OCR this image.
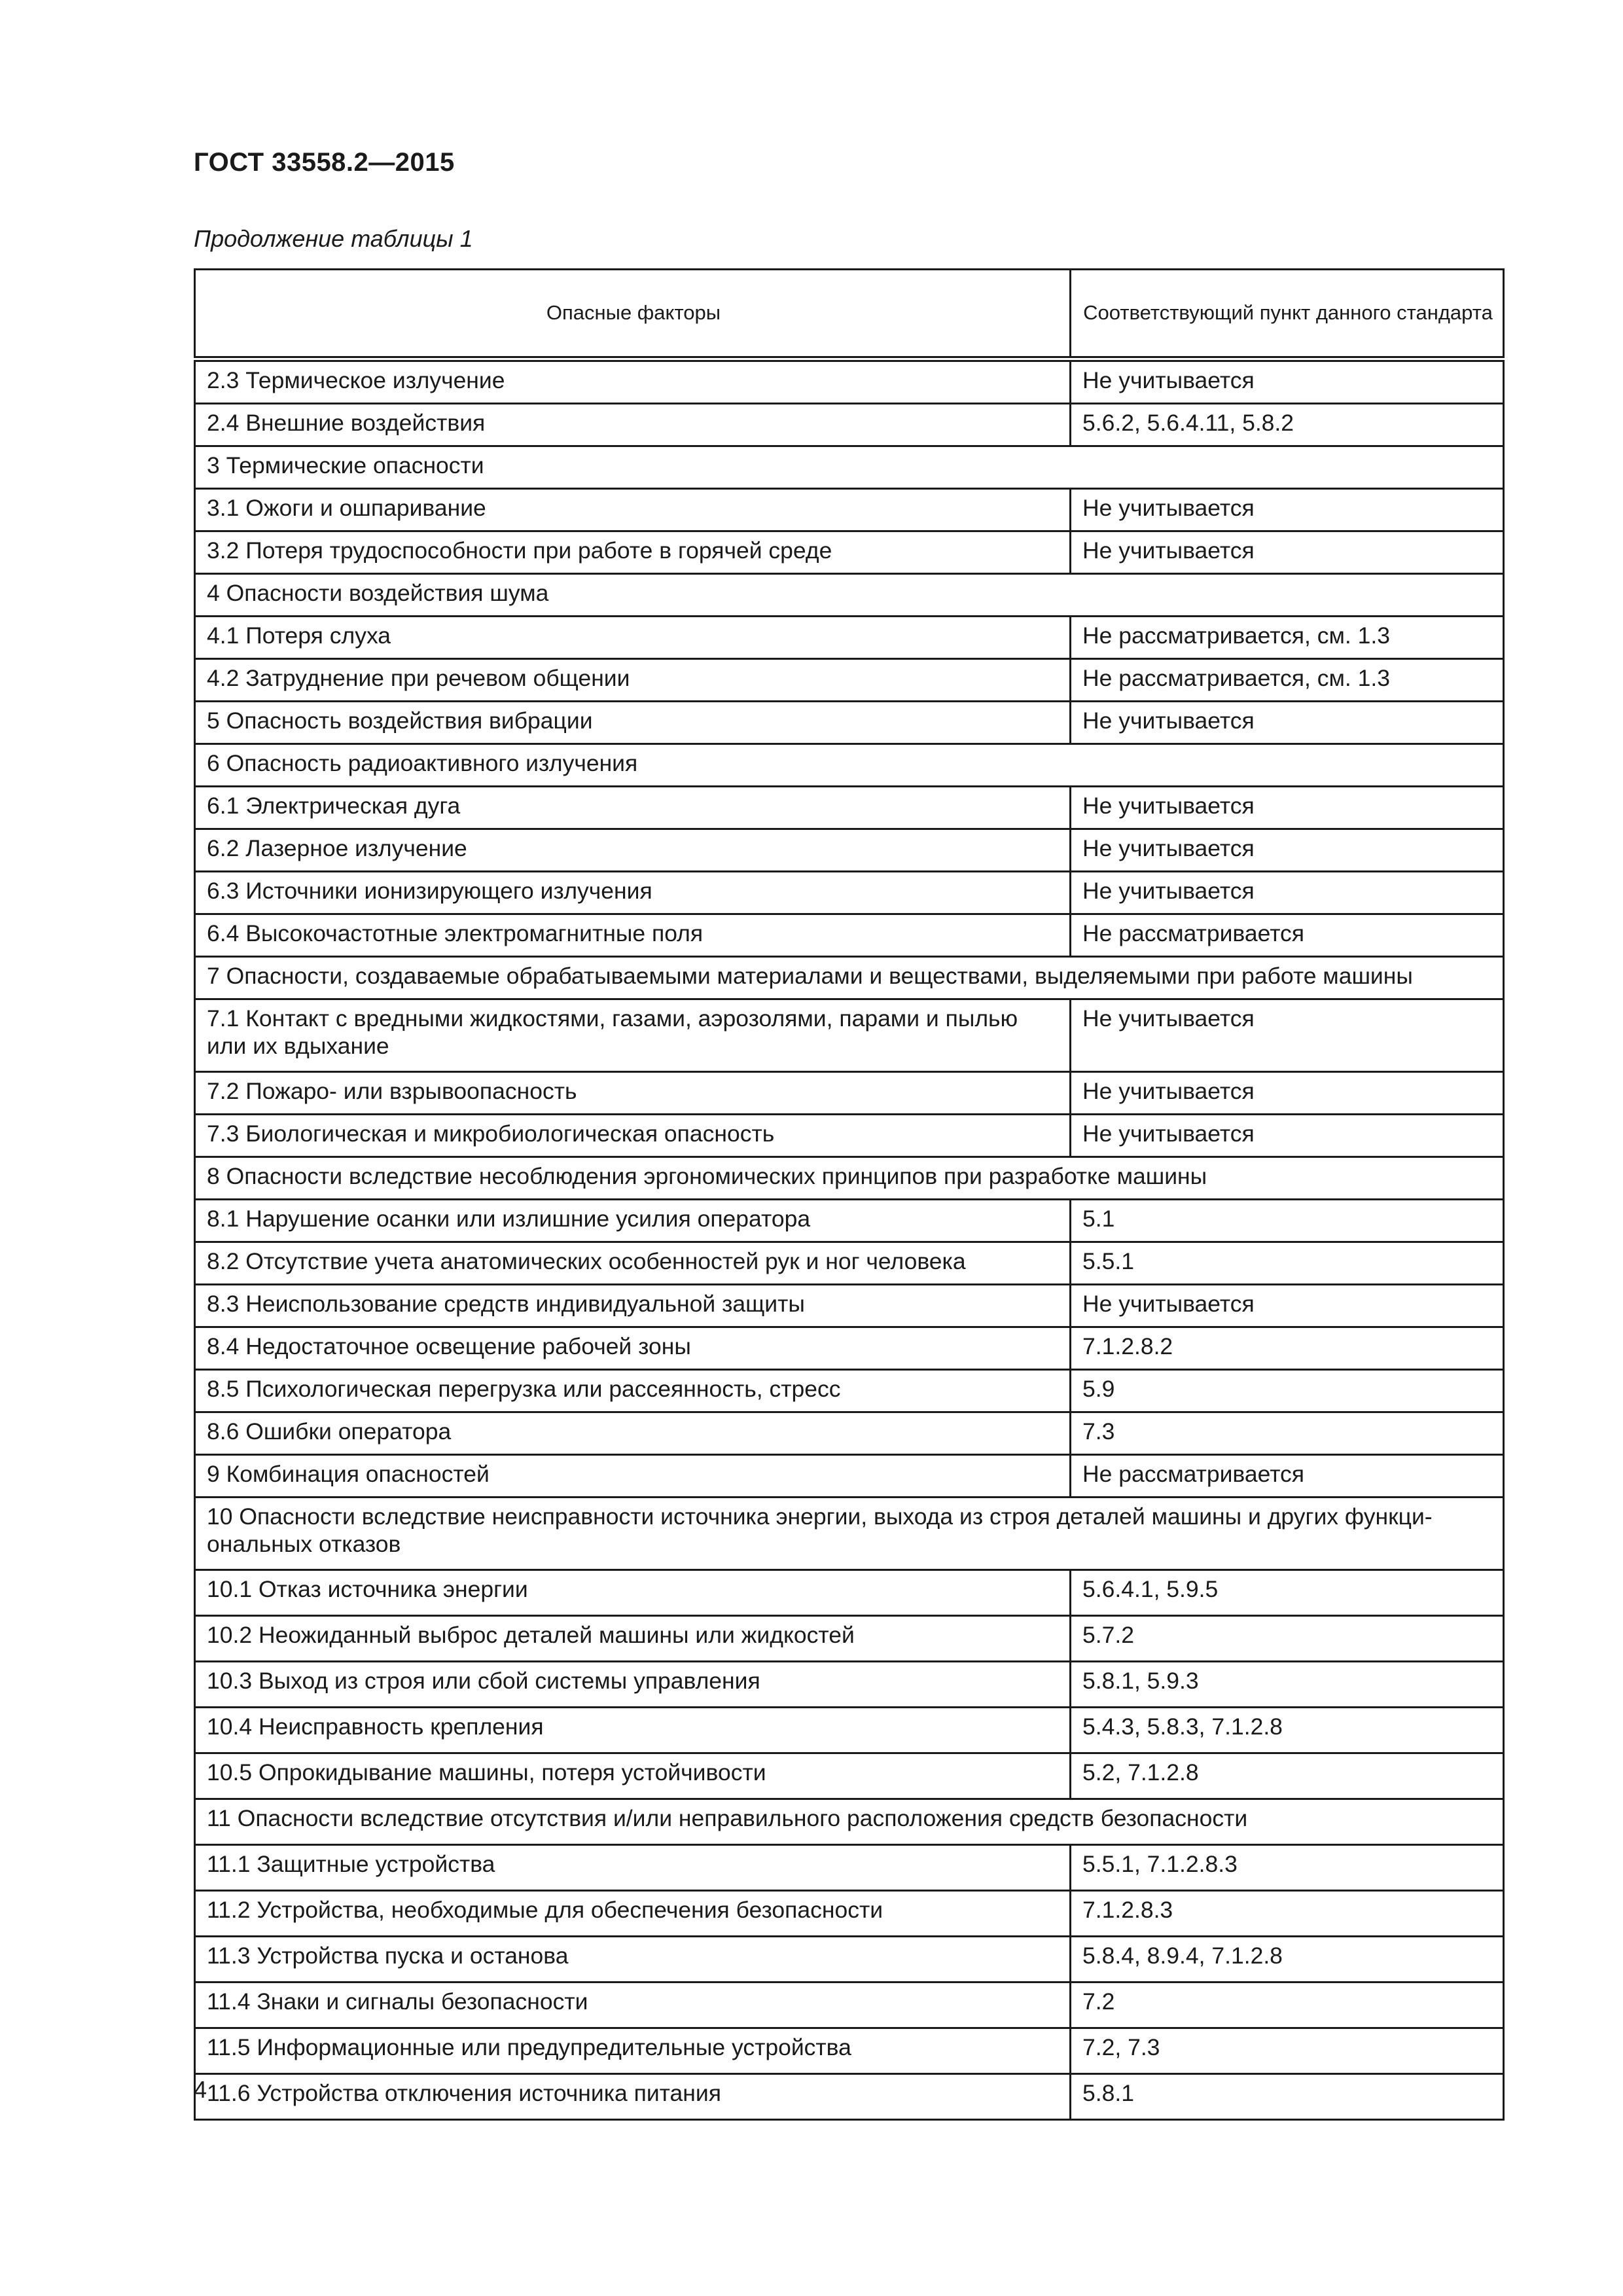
ГОСТ 33558.2—2015
Продолжение таблицы 1
Опасные факторы	Соответствующий пункт данного стандарта
2.3 Термическое излучение	Не учитывается
2.4 Внешние воздействия	5.6.2, 5.6.4.11, 5.8.2
3 Термические опасности	
3.1 Ожоги и ошпаривание	Не учитывается
3.2 Потеря трудоспособности при работе в горячей среде	Не учитывается
4 Опасности воздействия шума	
4.1 Потеря слуха	Не рассматривается, см. 1.3
4.2 Затруднение при речевом общении	Не рассматривается, см. 1.3
5 Опасность воздействия вибрации	Не учитывается
6 Опасность радиоактивного излучения	
6.1 Электрическая дуга	Не учитывается
6.2 Лазерное излучение	Не учитывается
6.3 Источники ионизирующего излучения	Не учитывается
6.4 Высокочастотные электромагнитные поля	Не рассматривается
7 Опасности, создаваемые обрабатываемыми материалами и веществами, выделяемыми при работе машины	
7.1 Контакт с вредными жидкостями, газами, аэрозолями, парами и пылью или их вдыхание	Не учитывается
7.2 Пожаро- или взрывоопасность	Не учитывается
7.3 Биологическая и микробиологическая опасность	Не учитывается
8 Опасности вследствие несоблюдения эргономических принципов при разработке машины	
8.1 Нарушение осанки или излишние усилия оператора	5.1
8.2 Отсутствие учета анатомических особенностей рук и ног человека	5.5.1
8.3 Неиспользование средств индивидуальной защиты	Не учитывается
8.4 Недостаточное освещение рабочей зоны	7.1.2.8.2
8.5 Психологическая перегрузка или рассеянность, стресс	5.9
8.6 Ошибки оператора	7.3
9 Комбинация опасностей	Не рассматривается
10 Опасности вследствие неисправности источника энергии, выхода из строя деталей машины и других функци-ональных отказов	
10.1 Отказ источника энергии	5.6.4.1, 5.9.5
10.2 Неожиданный выброс деталей машины или жидкостей	5.7.2
10.3 Выход из строя или сбой системы управления	5.8.1, 5.9.3
10.4 Неисправность крепления	5.4.3, 5.8.3, 7.1.2.8
10.5 Опрокидывание машины, потеря устойчивости	5.2, 7.1.2.8
11 Опасности вследствие отсутствия и/или неправильного расположения средств безопасности	
11.1 Защитные устройства	5.5.1, 7.1.2.8.3
11.2 Устройства, необходимые для обеспечения безопасности	7.1.2.8.3
11.3 Устройства пуска и останова	5.8.4, 8.9.4, 7.1.2.8
11.4 Знаки и сигналы безопасности	7.2
11.5 Информационные или предупредительные устройства	7.2, 7.3
11.6 Устройства отключения источника питания	5.8.1
4
